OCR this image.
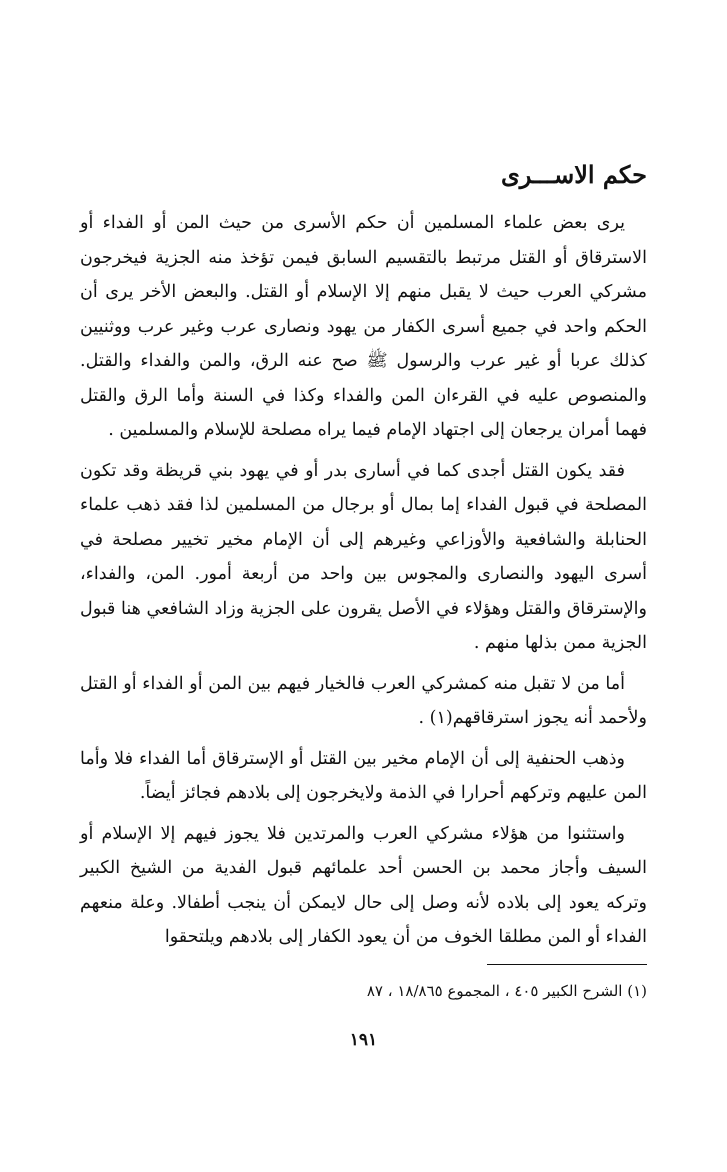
حكم الاســـرى

يرى بعض علماء المسلمين أن حكم الأسرى من حيث المن أو الفداء أو الاسترقاق أو القتل مرتبط بالتقسيم السابق فيمن تؤخذ منه الجزية فيخرجون مشركي العرب حيث لا يقبل منهم إلا الإسلام أو القتل. والبعض الأخر يرى أن الحكم واحد في جميع أسرى الكفار من يهود ونصارى عرب وغير عرب ووثنيين كذلك عربا أو غير عرب والرسول ﷺ صح عنه الرق، والمن والفداء والقتل. والمنصوص عليه في القرءان المن والفداء وكذا في السنة وأما الرق والقتل فهما أمران يرجعان إلى اجتهاد الإمام فيما يراه مصلحة للإسلام والمسلمين .

فقد يكون القتل أجدى كما في أسارى بدر أو في يهود بني قريظة وقد تكون المصلحة في قبول الفداء إما بمال أو برجال من المسلمين لذا فقد ذهب علماء الحنابلة والشافعية والأوزاعي وغيرهم إلى أن الإمام مخير تخيير مصلحة في أسرى اليهود والنصارى والمجوس بين واحد من أربعة أمور. المن، والفداء، والإسترقاق والقتل وهؤلاء في الأصل يقرون على الجزية وزاد الشافعي هنا قبول الجزية ممن بذلها منهم .

أما من لا تقبل منه كمشركي العرب فالخيار فيهم بين المن أو الفداء أو القتل ولأحمد أنه يجوز استرقاقهم(١) .

وذهب الحنفية إلى أن الإمام مخير بين القتل أو الإسترقاق أما الفداء فلا وأما المن عليهم وتركهم أحرارا في الذمة ولايخرجون إلى بلادهم فجائز أيضاً.

واستثنوا من هؤلاء مشركي العرب والمرتدين فلا يجوز فيهم إلا الإسلام أو السيف وأجاز محمد بن الحسن أحد علمائهم قبول الفدية من الشيخ الكبير وتركه يعود إلى بلاده لأنه وصل إلى حال لايمكن أن ينجب أطفالا. وعلة منعهم الفداء أو المن مطلقا الخوف من أن يعود الكفار إلى بلادهم ويلتحقوا

(١) الشرح الكبير ٤٠٥ ، المجموع ١٨/٨٦٥ ، ٨٧

١٩١
